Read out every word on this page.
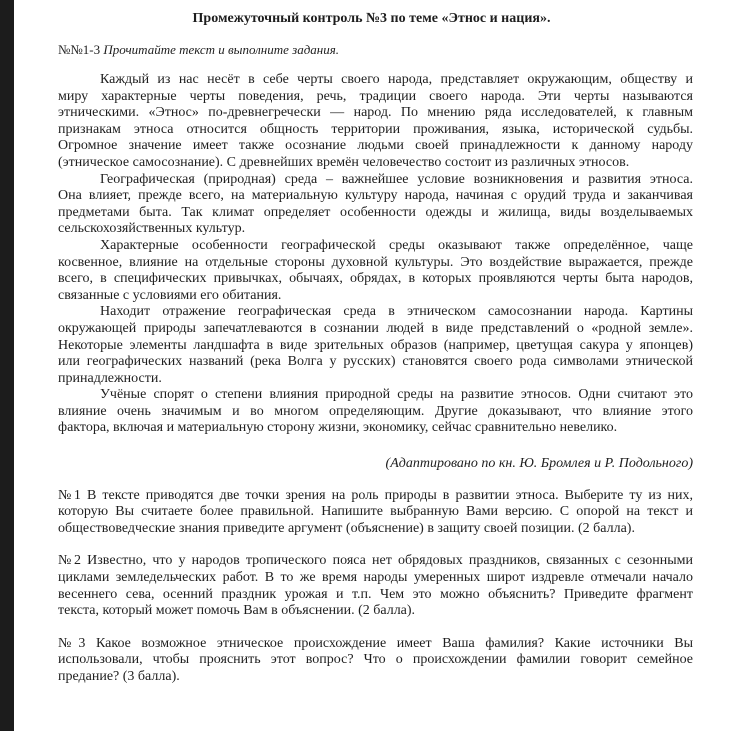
Промежуточный контроль №3 по теме «Этнос и нация».
№№1-3 Прочитайте текст и выполните задания.
Каждый из нас несёт в себе черты своего народа, представляет окружающим, обществу и
миру характерные черты поведения, речь, традиции своего народа. Эти черты называются
этническими. «Этнос» по-древнегречески — народ. По мнению ряда исследователей, к главным
признакам этноса относится общность территории проживания, языка, исторической судьбы.
Огромное значение имеет также осознание людьми своей принадлежности к данному народу
(этническое самосознание). С древнейших времён человечество состоит из различных этносов.
Географическая (природная) среда – важнейшее условие возникновения и развития этноса.
Она влияет, прежде всего, на материальную культуру народа, начиная с орудий труда и заканчивая
предметами быта. Так климат определяет особенности одежды и жилища, виды возделываемых
сельскохозяйственных культур.
Характерные особенности географической среды оказывают также определённое, чаще
косвенное, влияние на отдельные стороны духовной культуры. Это воздействие выражается, прежде
всего, в специфических привычках, обычаях, обрядах, в которых проявляются черты быта народов,
связанные с условиями его обитания.
Находит отражение географическая среда в этническом самосознании народа. Картины
окружающей природы запечатлеваются в сознании людей в виде представлений о «родной земле».
Некоторые элементы ландшафта в виде зрительных образов (например, цветущая сакура у японцев)
или географических названий (река Волга у русских) становятся своего рода символами этнической
принадлежности.
Учёные спорят о степени влияния природной среды на развитие этносов. Одни считают это
влияние очень значимым и во многом определяющим. Другие доказывают, что влияние этого
фактора, включая и материальную сторону жизни, экономику, сейчас сравнительно невелико.
(Адаптировано по кн. Ю. Бромлея и Р. Подольного)
№1 В тексте приводятся две точки зрения на роль природы в развитии этноса. Выберите ту из них,
которую Вы считаете более правильной. Напишите выбранную Вами версию. С опорой на текст и
обществоведческие знания приведите аргумент (объяснение) в защиту своей позиции. (2 балла).
№2 Известно, что у народов тропического пояса нет обрядовых праздников, связанных с сезонными
циклами земледельческих работ. В то же время народы умеренных широт издревле отмечали начало
весеннего сева, осенний праздник урожая и т.п. Чем это можно объяснить? Приведите фрагмент
текста, который может помочь Вам в объяснении. (2 балла).
№3 Какое возможное этническое происхождение имеет Ваша фамилия? Какие источники Вы
использовали, чтобы прояснить этот вопрос? Что о происхождении фамилии говорит семейное
предание? (3 балла).
